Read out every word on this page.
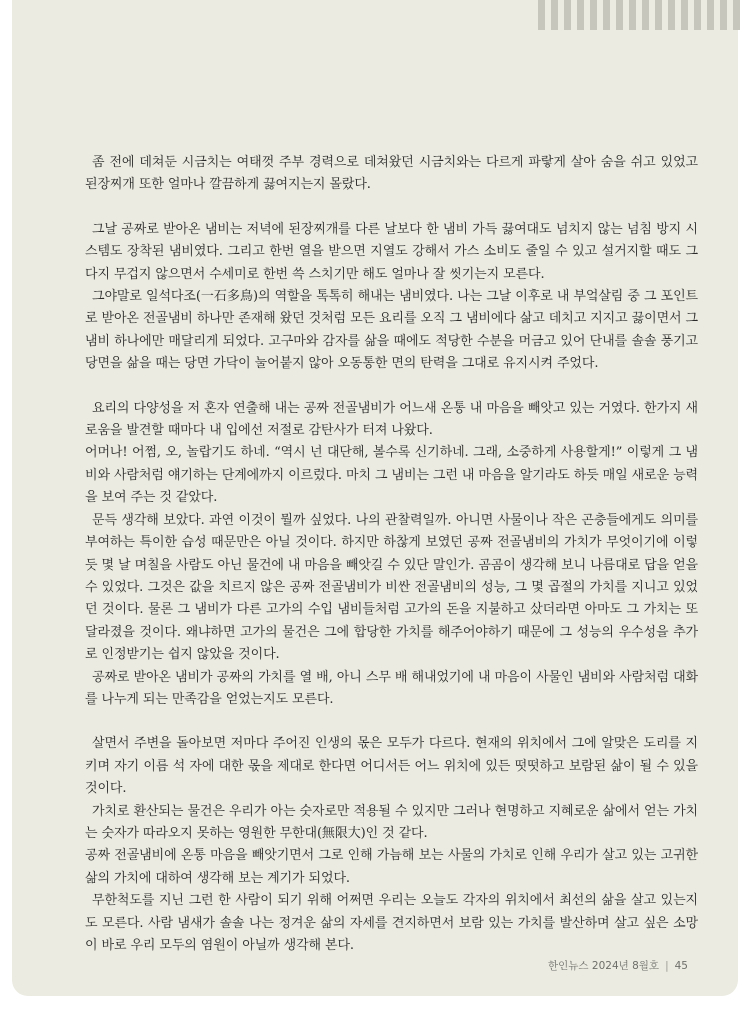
좀 전에 데쳐둔 시금치는 여태껏 주부 경력으로 데쳐왔던 시금치와는 다르게 파랗게 살아 숨을 쉬고 있었고 된장찌개 또한 얼마나 깔끔하게 끓여지는지 몰랐다.

그날 공짜로 받아온 냄비는 저녁에 된장찌개를 다른 날보다 한 냄비 가득 끓여대도 넘치지 않는 넘침 방지 시스템도 장착된 냄비였다. 그리고 한번 열을 받으면 지열도 강해서 가스 소비도 줄일 수 있고 설거지할 때도 그다지 무겁지 않으면서 수세미로 한번 쓱 스치기만 해도 얼마나 잘 씻기는지 모른다.

그야말로 일석다조(一石多鳥)의 역할을 톡톡히 해내는 냄비였다. 나는 그날 이후로 내 부엌살림 중 그 포인트로 받아온 전골냄비 하나만 존재해 왔던 것처럼 모든 요리를 오직 그 냄비에다 삶고 데치고 지지고 끓이면서 그 냄비 하나에만 매달리게 되었다. 고구마와 감자를 삶을 때에도 적당한 수분을 머금고 있어 단내를 솔솔 풍기고 당면을 삶을 때는 당면 가닥이 눌어붙지 않아 오동통한 면의 탄력을 그대로 유지시켜 주었다.

요리의 다양성을 저 혼자 연출해 내는 공짜 전골냄비가 어느새 온통 내 마음을 빼앗고 있는 거였다. 한가지 새로움을 발견할 때마다 내 입에선 저절로 감탄사가 터져 나왔다.

어머나! 어쩜, 오, 놀랍기도 하네. “역시 넌 대단해, 볼수록 신기하네. 그래, 소중하게 사용할게!” 이렇게 그 냄비와 사람처럼 얘기하는 단계에까지 이르렀다. 마치 그 냄비는 그런 내 마음을 알기라도 하듯 매일 새로운 능력을 보여 주는 것 같았다.

문득 생각해 보았다. 과연 이것이 뭘까 싶었다. 나의 관찰력일까. 아니면 사물이나 작은 곤충들에게도 의미를 부여하는 특이한 습성 때문만은 아닐 것이다. 하지만 하찮게 보였던 공짜 전골냄비의 가치가 무엇이기에 이렇듯 몇 날 며칠을 사람도 아닌 물건에 내 마음을 빼앗길 수 있단 말인가. 곰곰이 생각해 보니 나름대로 답을 얻을 수 있었다. 그것은 값을 치르지 않은 공짜 전골냄비가 비싼 전골냄비의 성능, 그 몇 곱절의 가치를 지니고 있었던 것이다. 물론 그 냄비가 다른 고가의 수입 냄비들처럼 고가의 돈을 지불하고 샀더라면 아마도 그 가치는 또 달라졌을 것이다. 왜냐하면 고가의 물건은 그에 합당한 가치를 해주어야하기 때문에 그 성능의 우수성을 추가로 인정받기는 쉽지 않았을 것이다.

공짜로 받아온 냄비가 공짜의 가치를 열 배, 아니 스무 배 해내었기에 내 마음이 사물인 냄비와 사람처럼 대화를 나누게 되는 만족감을 얻었는지도 모른다.

살면서 주변을 돌아보면 저마다 주어진 인생의 몫은 모두가 다르다. 현재의 위치에서 그에 알맞은 도리를 지키며 자기 이름 석 자에 대한 몫을 제대로 한다면 어디서든 어느 위치에 있든 떳떳하고 보람된 삶이 될 수 있을 것이다.

가치로 환산되는 물건은 우리가 아는 숫자로만 적용될 수 있지만 그러나 현명하고 지혜로운 삶에서 얻는 가치는 숫자가 따라오지 못하는 영원한 무한대(無限大)인 것 같다.

공짜 전골냄비에 온통 마음을 빼앗기면서 그로 인해 가늠해 보는 사물의 가치로 인해 우리가 살고 있는 고귀한 삶의 가치에 대하여 생각해 보는 계기가 되었다.

무한척도를 지닌 그런 한 사람이 되기 위해 어쩌면 우리는 오늘도 각자의 위치에서 최선의 삶을 살고 있는지도 모른다. 사람 냄새가 솔솔 나는 정겨운 삶의 자세를 견지하면서 보람 있는 가치를 발산하며 살고 싶은 소망이 바로 우리 모두의 염원이 아닐까 생각해 본다.

한인뉴스 2024년 8월호 | 45
